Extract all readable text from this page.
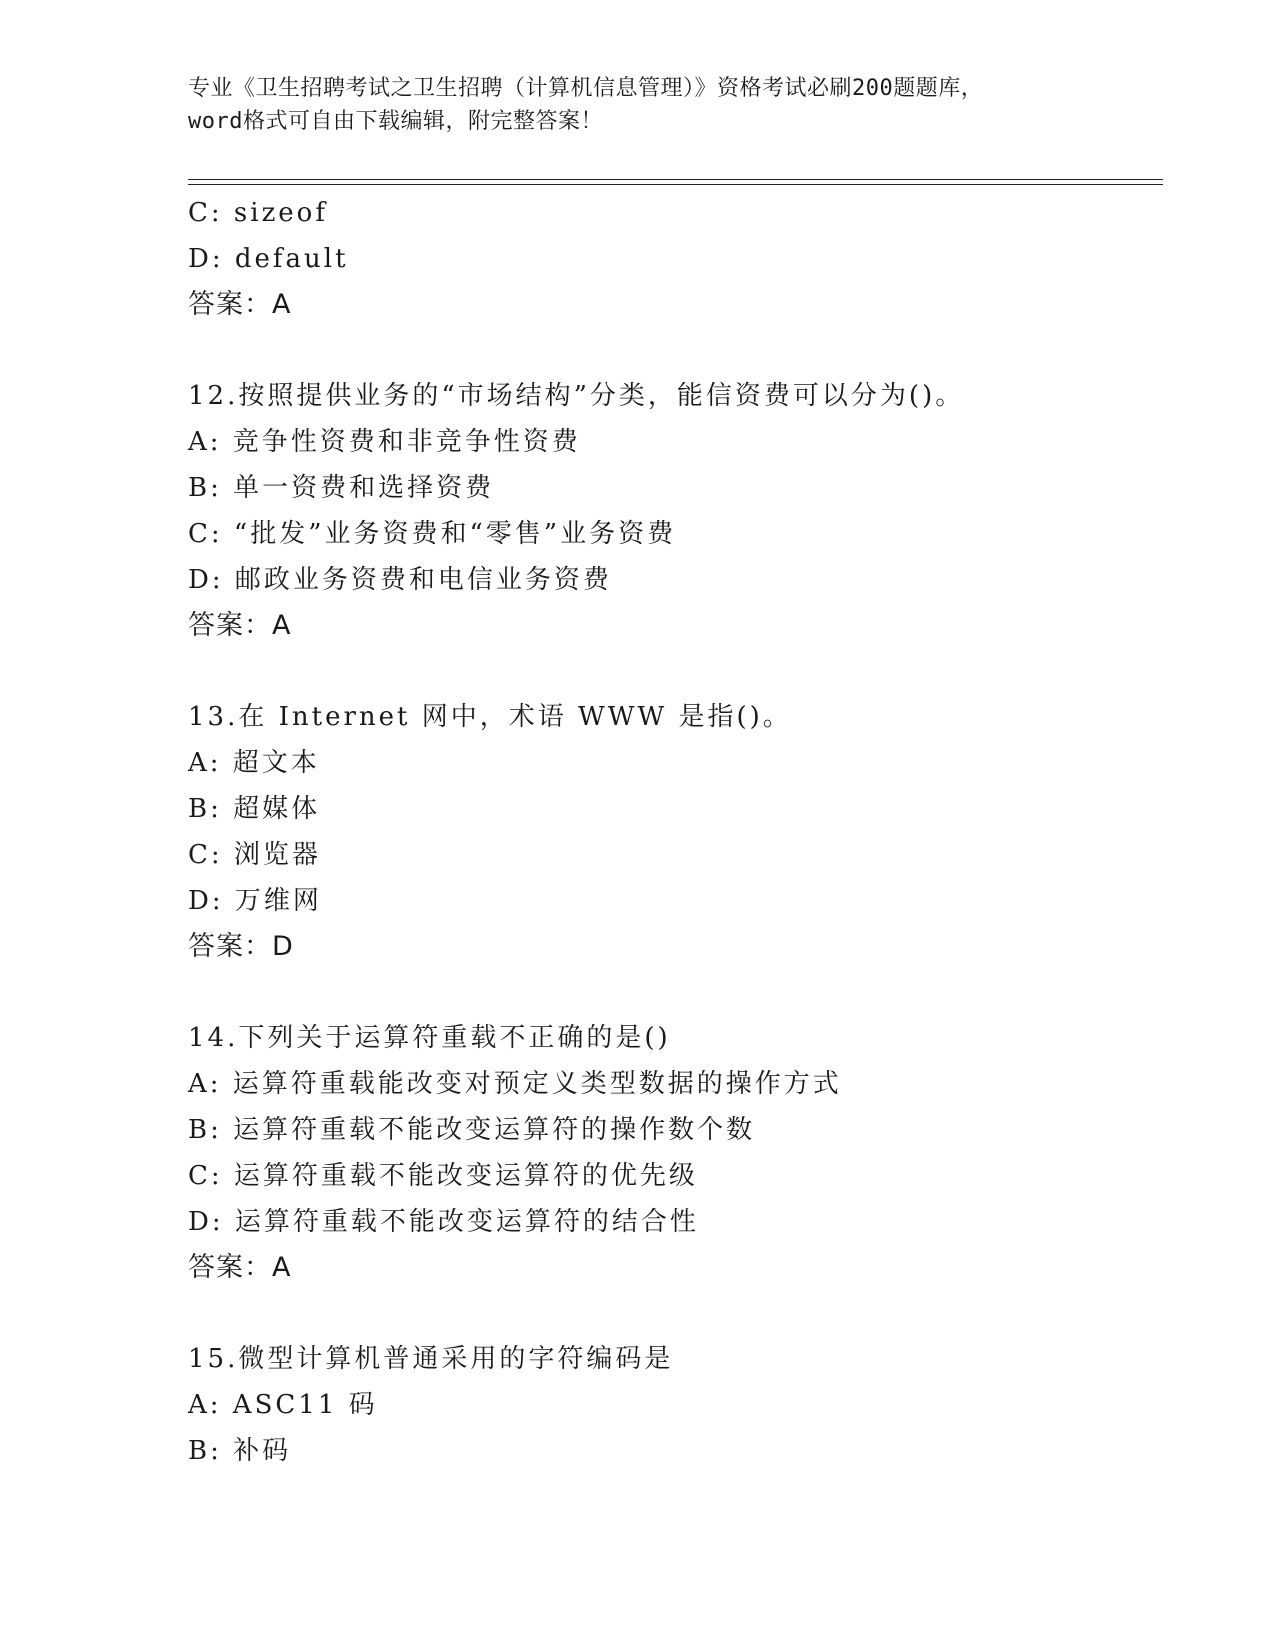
专业《卫生招聘考试之卫生招聘（计算机信息管理）》资格考试必刷200题题库，
word格式可自由下载编辑，附完整答案！
C: sizeof
D: default
答案：A
12.按照提供业务的“市场结构”分类，能信资费可以分为()。
A: 竞争性资费和非竞争性资费
B: 单一资费和选择资费
C: “批发”业务资费和“零售”业务资费
D: 邮政业务资费和电信业务资费
答案：A
13.在 Internet 网中，术语 WWW 是指()。
A: 超文本
B: 超媒体
C: 浏览器
D: 万维网
答案：D
14.下列关于运算符重载不正确的是()
A: 运算符重载能改变对预定义类型数据的操作方式
B: 运算符重载不能改变运算符的操作数个数
C: 运算符重载不能改变运算符的优先级
D: 运算符重载不能改变运算符的结合性
答案：A
15.微型计算机普通采用的字符编码是
A: ASC11 码
B: 补码
